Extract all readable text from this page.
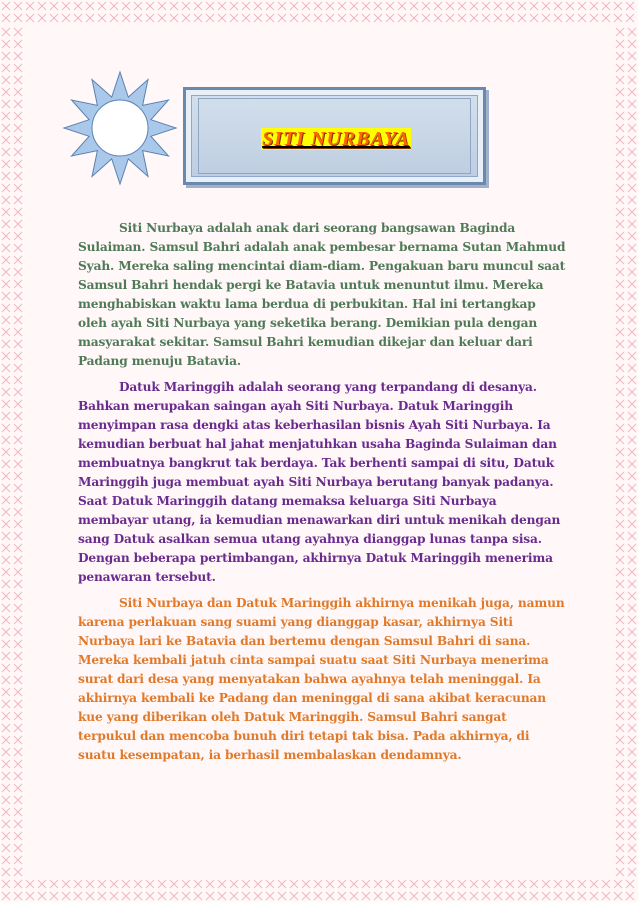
SITI NURBAYA

Siti Nurbaya adalah anak dari seorang bangsawan Baginda Sulaiman. Samsul Bahri adalah anak pembesar bernama Sutan Mahmud Syah. Mereka saling mencintai diam-diam. Pengakuan baru muncul saat Samsul Bahri hendak pergi ke Batavia untuk menuntut ilmu. Mereka menghabiskan waktu lama berdua di perbukitan. Hal ini tertangkap oleh ayah Siti Nurbaya yang seketika berang. Demikian pula dengan masyarakat sekitar. Samsul Bahri kemudian dikejar dan keluar dari Padang menuju Batavia.

Datuk Maringgih adalah seorang yang terpandang di desanya. Bahkan merupakan saingan ayah Siti Nurbaya. Datuk Maringgih menyimpan rasa dengki atas keberhasilan bisnis Ayah Siti Nurbaya. Ia kemudian berbuat hal jahat menjatuhkan usaha Baginda Sulaiman dan membuatnya bangkrut tak berdaya. Tak berhenti sampai di situ, Datuk Maringgih juga membuat ayah Siti Nurbaya berutang banyak padanya. Saat Datuk Maringgih datang memaksa keluarga Siti Nurbaya membayar utang, ia kemudian menawarkan diri untuk menikah dengan sang Datuk asalkan semua utang ayahnya dianggap lunas tanpa sisa. Dengan beberapa pertimbangan, akhirnya Datuk Maringgih menerima penawaran tersebut.

Siti Nurbaya dan Datuk Maringgih akhirnya menikah juga, namun karena perlakuan sang suami yang dianggap kasar, akhirnya Siti Nurbaya lari ke Batavia dan bertemu dengan Samsul Bahri di sana. Mereka kembali jatuh cinta sampai suatu saat Siti Nurbaya menerima surat dari desa yang menyatakan bahwa ayahnya telah meninggal. Ia akhirnya kembali ke Padang dan meninggal di sana akibat keracunan kue yang diberikan oleh Datuk Maringgih. Samsul Bahri sangat terpukul dan mencoba bunuh diri tetapi tak bisa. Pada akhirnya, di suatu kesempatan, ia berhasil membalaskan dendamnya.
